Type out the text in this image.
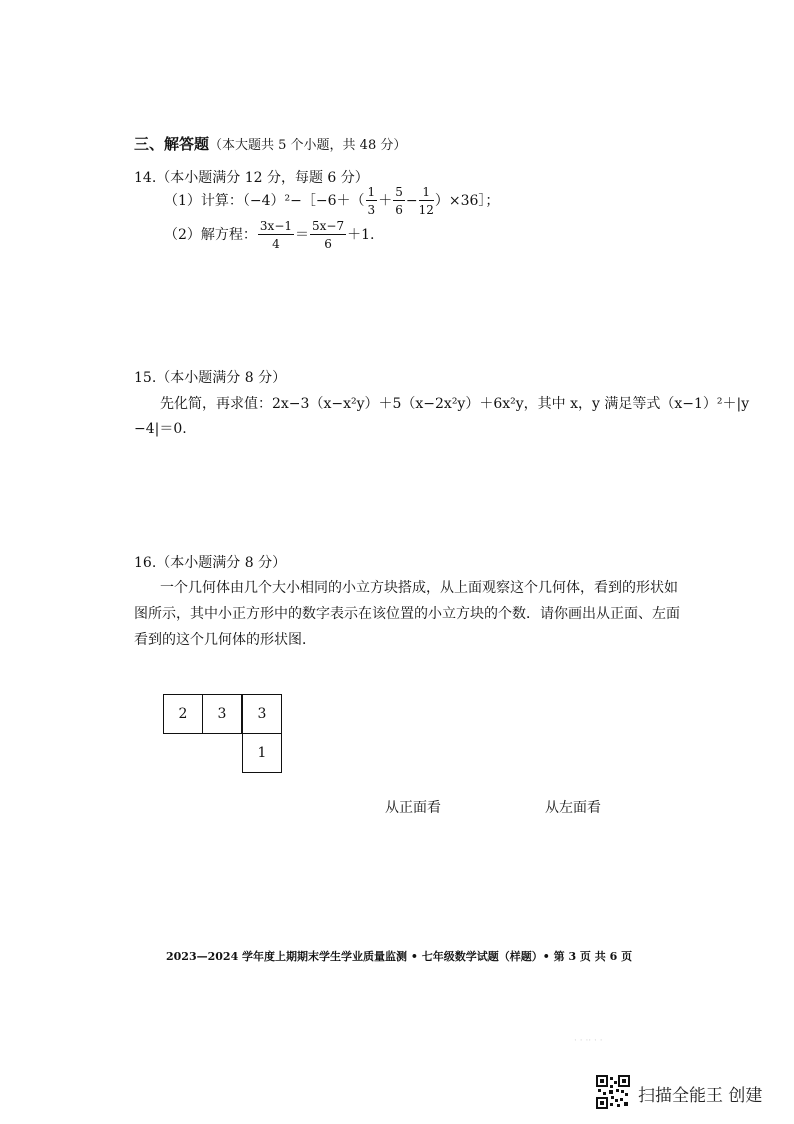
三、解答题（本大题共 5 个小题，共 48 分）
14.（本小题满分 12 分，每题 6 分）
（1）计算：（−4）²−［−6＋（ $\frac{1}{3} + \frac{5}{6} - \frac{1}{12}$ ）×36］；
（2）解方程： $\frac{3x-1}{4} = \frac{5x-7}{6} +1$.
15.（本小题满分 8 分）
先化简，再求值：2x−3（x−x²y）＋5（x−2x²y）＋6x²y，其中 x，y 满足等式（x−1）²＋|y
−4|＝0.
16.（本小题满分 8 分）
一个几何体由几个大小相同的小立方块搭成，从上面观察这个几何体，看到的形状如
图所示，其中小正方形中的数字表示在该位置的小立方块的个数．请你画出从正面、左面
看到的这个几何体的形状图．
2	3	3
1
从正面看	从左面看
2023—2024 学年度上期期末学生学业质量监测 • 七年级数学试题（样题）• 第 3 页 共 6 页
· · ·· · ·
扫描全能王 创建
